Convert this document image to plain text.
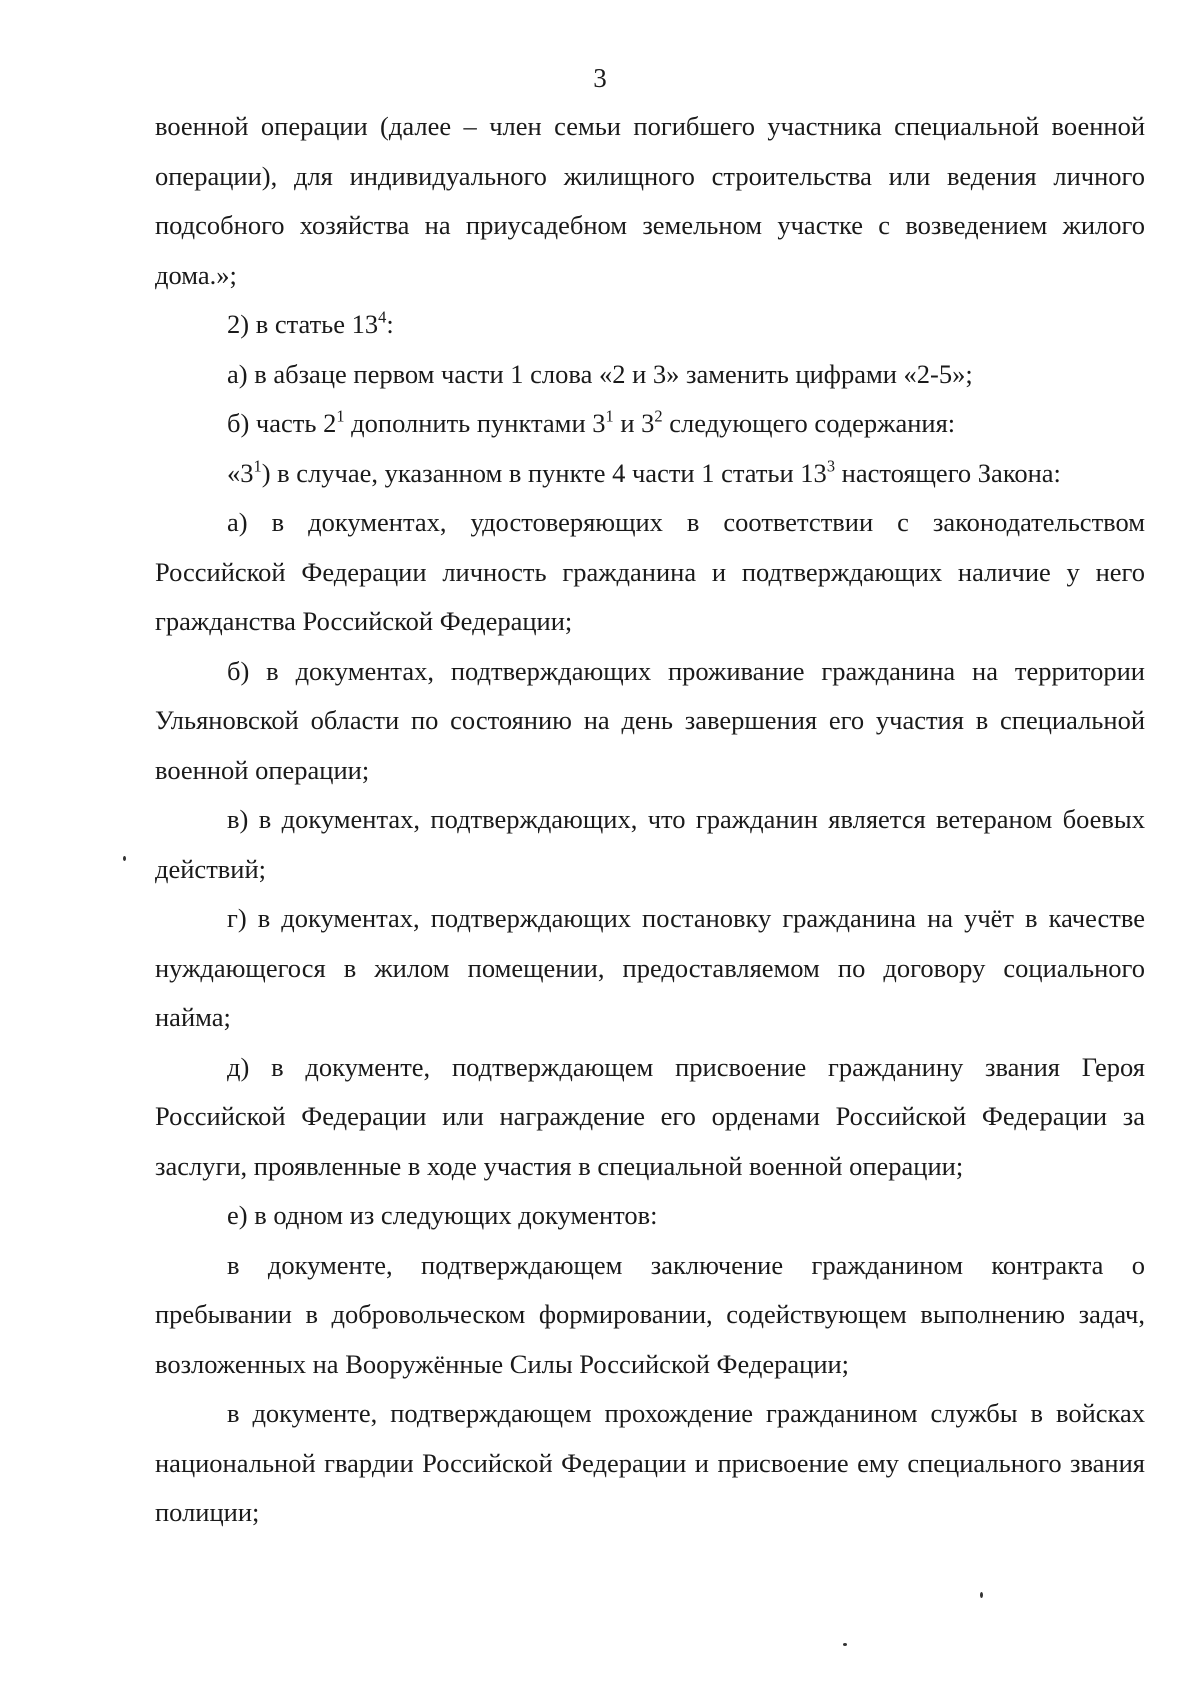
3

военной операции (далее – член семьи погибшего участника специальной военной операции), для индивидуального жилищного строительства или ведения личного подсобного хозяйства на приусадебном земельном участке с возведением жилого дома.»;

2) в статье $13^4$:

а) в абзаце первом части 1 слова «2 и 3» заменить цифрами «2-5»;

б) часть $2^1$ дополнить пунктами $3^1$ и $3^2$ следующего содержания:

«$3^1$) в случае, указанном в пункте 4 части 1 статьи $13^3$ настоящего Закона:

а) в документах, удостоверяющих в соответствии с законодательством Российской Федерации личность гражданина и подтверждающих наличие у него гражданства Российской Федерации;

б) в документах, подтверждающих проживание гражданина на территории Ульяновской области по состоянию на день завершения его участия в специальной военной операции;

в) в документах, подтверждающих, что гражданин является ветераном боевых действий;

г) в документах, подтверждающих постановку гражданина на учёт в качестве нуждающегося в жилом помещении, предоставляемом по договору социального найма;

д) в документе, подтверждающем присвоение гражданину звания Героя Российской Федерации или награждение его орденами Российской Федерации за заслуги, проявленные в ходе участия в специальной военной операции;

е) в одном из следующих документов:

в документе, подтверждающем заключение гражданином контракта о пребывании в добровольческом формировании, содействующем выполнению задач, возложенных на Вооружённые Силы Российской Федерации;

в документе, подтверждающем прохождение гражданином службы в войсках национальной гвардии Российской Федерации и присвоение ему специального звания полиции;
